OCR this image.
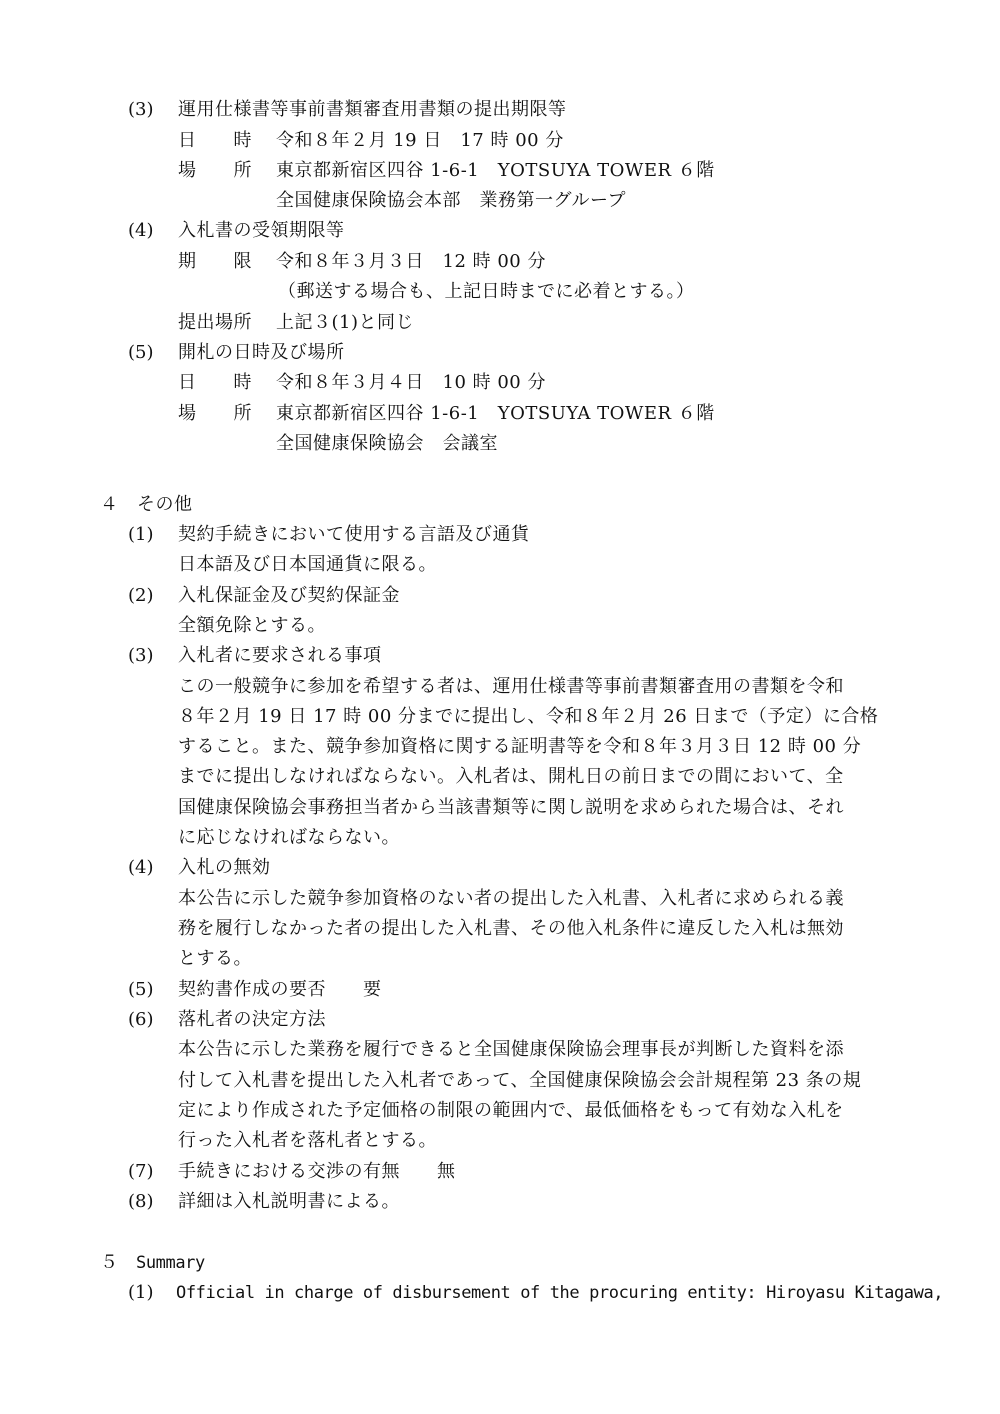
(3) 運用仕様書等事前書類審査用書類の提出期限等
日　　時 令和８年２月 19 日　17 時 00 分
場　　所 東京都新宿区四谷 1-6-1　YOTSUYA TOWER ６階
全国健康保険協会本部　業務第一グループ
(4) 入札書の受領期限等
期　　限 令和８年３月３日　12 時 00 分
（郵送する場合も、上記日時までに必着とする。）
提出場所 上記３(1)と同じ
(5) 開札の日時及び場所
日　　時 令和８年３月４日　10 時 00 分
場　　所 東京都新宿区四谷 1-6-1　YOTSUYA TOWER ６階
全国健康保険協会　会議室
４　その他
(1) 契約手続きにおいて使用する言語及び通貨
日本語及び日本国通貨に限る。
(2) 入札保証金及び契約保証金
全額免除とする。
(3) 入札者に要求される事項
この一般競争に参加を希望する者は、運用仕様書等事前書類審査用の書類を令和
８年２月 19 日 17 時 00 分までに提出し、令和８年２月 26 日まで（予定）に合格
すること。また、競争参加資格に関する証明書等を令和８年３月３日 12 時 00 分
までに提出しなければならない。入札者は、開札日の前日までの間において、全
国健康保険協会事務担当者から当該書類等に関し説明を求められた場合は、それ
に応じなければならない。
(4) 入札の無効
本公告に示した競争参加資格のない者の提出した入札書、入札者に求められる義
務を履行しなかった者の提出した入札書、その他入札条件に違反した入札は無効
とする。
(5) 契約書作成の要否　　要
(6) 落札者の決定方法
本公告に示した業務を履行できると全国健康保険協会理事長が判断した資料を添
付して入札書を提出した入札者であって、全国健康保険協会会計規程第 23 条の規
定により作成された予定価格の制限の範囲内で、最低価格をもって有効な入札を
行った入札者を落札者とする。
(7) 手続きにおける交渉の有無　　無
(8) 詳細は入札説明書による。
５ Summary
(1) Official in charge of disbursement of the procuring entity: Hiroyasu Kitagawa,
